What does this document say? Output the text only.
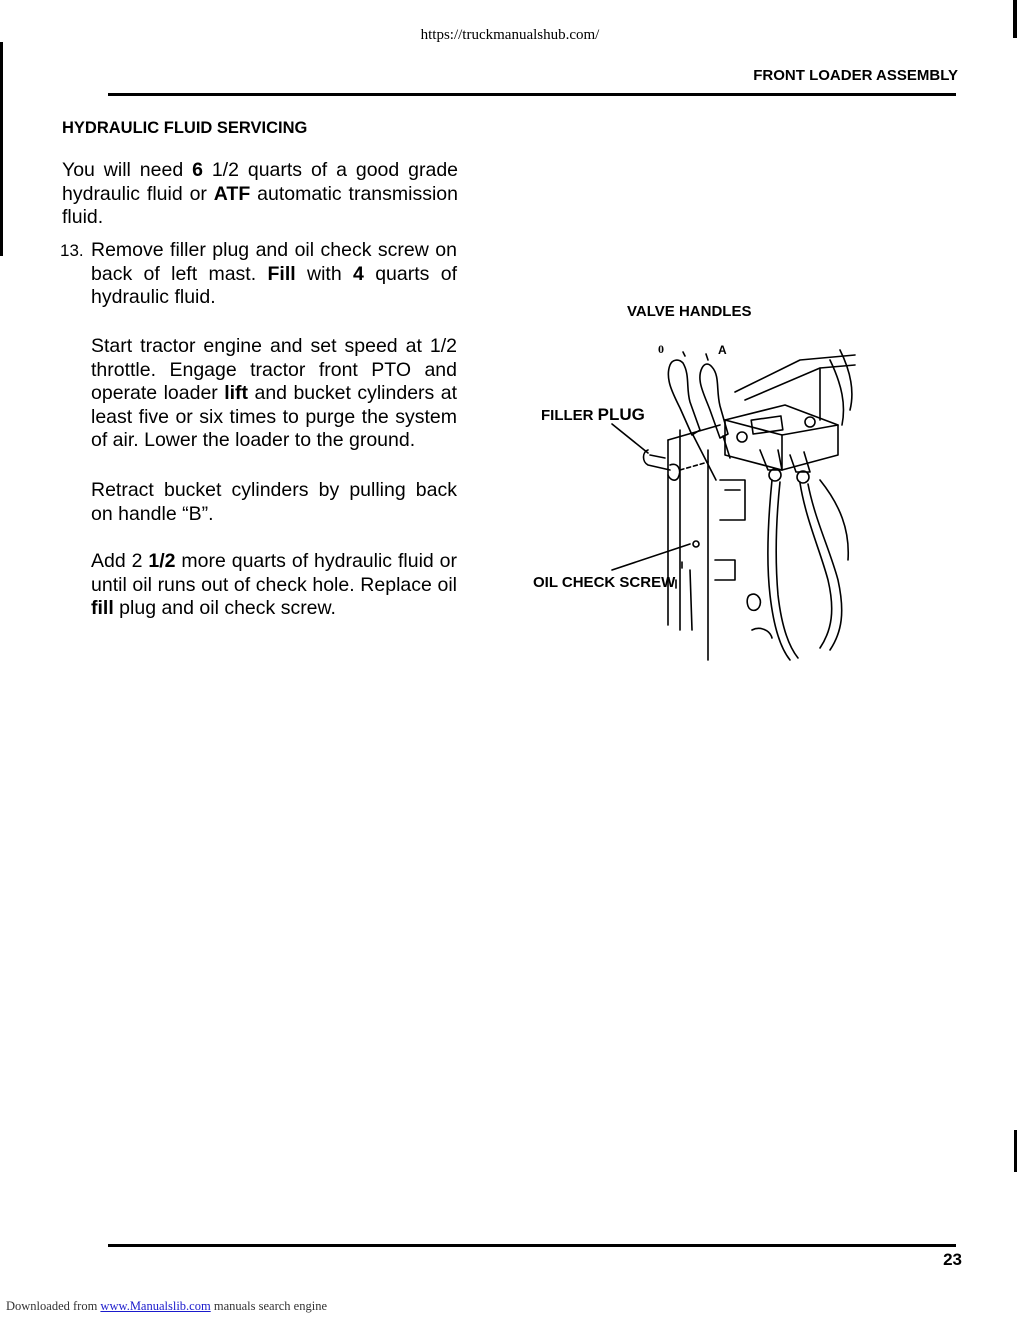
https://truckmanualshub.com/
FRONT LOADER ASSEMBLY
HYDRAULIC FLUID SERVICING
You will need 6 1/2 quarts of a good grade hydraulic fluid or ATF automatic transmission fluid.
13. Remove filler plug and oil check screw on back of left mast. Fill with 4 quarts of hydraulic fluid.
Start tractor engine and set speed at 1/2 throttle. Engage tractor front PTO and operate loader lift and bucket cylinders at least five or six times to purge the system of air. Lower the loader to the ground.
Retract bucket cylinders by pulling back on handle “B”.
Add 2 1/2 more quarts of hydraulic fluid or until oil runs out of check hole. Replace oil fill plug and oil check screw.
VALVE HANDLES
0	A
FILLER PLUG
OIL CHECK SCREW
23
Downloaded from www.Manualslib.com manuals search engine
